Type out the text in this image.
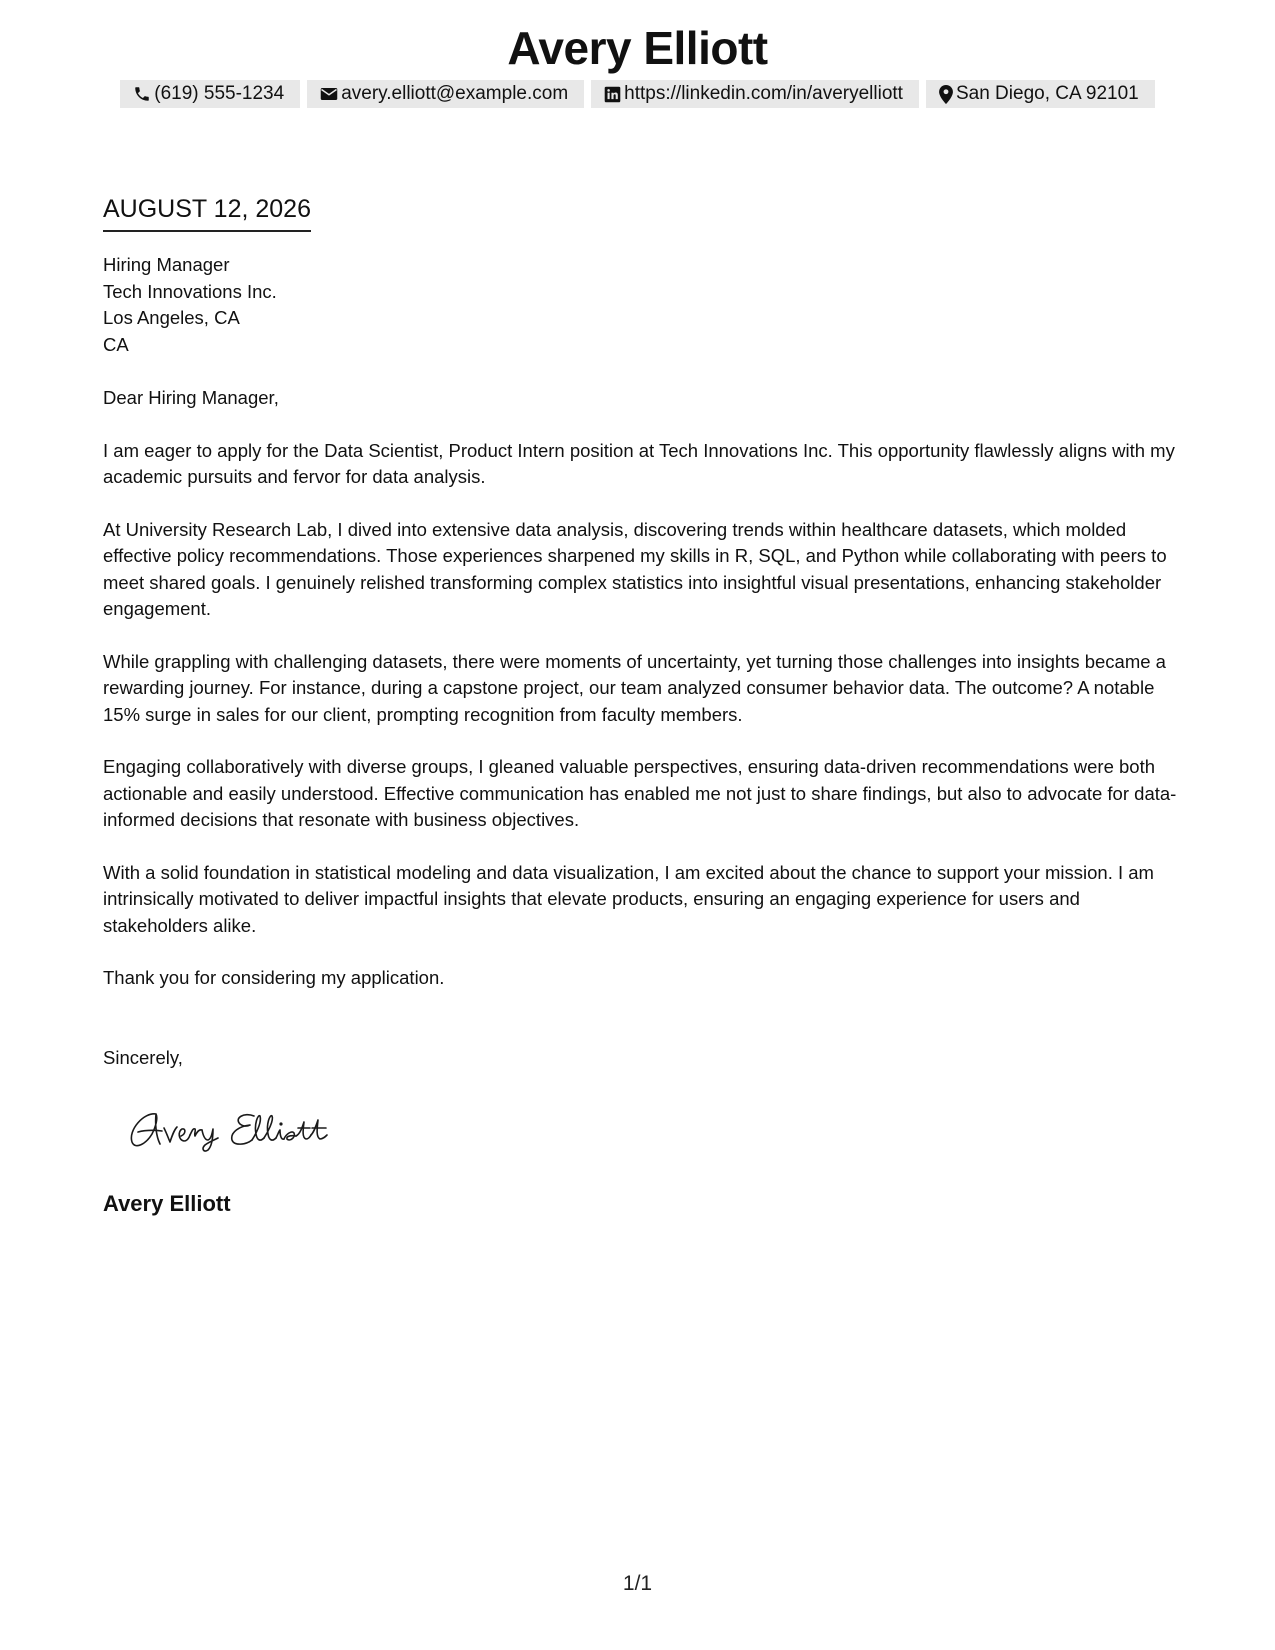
Avery Elliott
(619) 555-1234	avery.elliott@example.com	https://linkedin.com/in/averyelliott	San Diego, CA 92101
AUGUST 12, 2026
Hiring Manager
Tech Innovations Inc.
Los Angeles, CA
CA

Dear Hiring Manager,

I am eager to apply for the Data Scientist, Product Intern position at Tech Innovations Inc. This opportunity flawlessly aligns with my academic pursuits and fervor for data analysis.

At University Research Lab, I dived into extensive data analysis, discovering trends within healthcare datasets, which molded effective policy recommendations. Those experiences sharpened my skills in R, SQL, and Python while collaborating with peers to meet shared goals. I genuinely relished transforming complex statistics into insightful visual presentations, enhancing stakeholder engagement.

While grappling with challenging datasets, there were moments of uncertainty, yet turning those challenges into insights became a rewarding journey. For instance, during a capstone project, our team analyzed consumer behavior data. The outcome? A notable 15% surge in sales for our client, prompting recognition from faculty members.

Engaging collaboratively with diverse groups, I gleaned valuable perspectives, ensuring data-driven recommendations were both actionable and easily understood. Effective communication has enabled me not just to share findings, but also to advocate for data-informed decisions that resonate with business objectives.

With a solid foundation in statistical modeling and data visualization, I am excited about the chance to support your mission. I am intrinsically motivated to deliver impactful insights that elevate products, ensuring an engaging experience for users and stakeholders alike.

Thank you for considering my application.

Sincerely,
Avery Elliott
1/1
